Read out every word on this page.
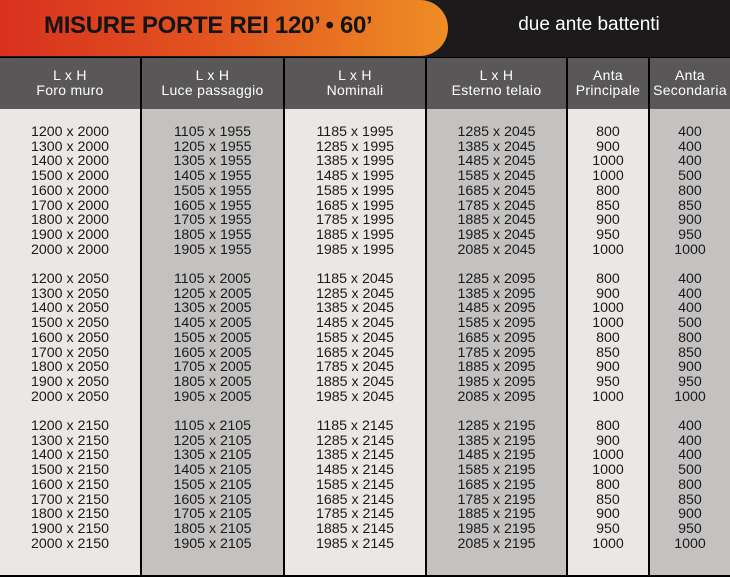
MISURE PORTE REI 120’ • 60’	due ante battenti
L x H
Foro muro
1200 x 2000
1300 x 2000
1400 x 2000
1500 x 2000
1600 x 2000
1700 x 2000
1800 x 2000
1900 x 2000
2000 x 2000
1200 x 2050
1300 x 2050
1400 x 2050
1500 x 2050
1600 x 2050
1700 x 2050
1800 x 2050
1900 x 2050
2000 x 2050
1200 x 2150
1300 x 2150
1400 x 2150
1500 x 2150
1600 x 2150
1700 x 2150
1800 x 2150
1900 x 2150
2000 x 2150
L x H
Luce passaggio
1105 x 1955
1205 x 1955
1305 x 1955
1405 x 1955
1505 x 1955
1605 x 1955
1705 x 1955
1805 x 1955
1905 x 1955
1105 x 2005
1205 x 2005
1305 x 2005
1405 x 2005
1505 x 2005
1605 x 2005
1705 x 2005
1805 x 2005
1905 x 2005
1105 x 2105
1205 x 2105
1305 x 2105
1405 x 2105
1505 x 2105
1605 x 2105
1705 x 2105
1805 x 2105
1905 x 2105
L x H
Nominali
1185 x 1995
1285 x 1995
1385 x 1995
1485 x 1995
1585 x 1995
1685 x 1995
1785 x 1995
1885 x 1995
1985 x 1995
1185 x 2045
1285 x 2045
1385 x 2045
1485 x 2045
1585 x 2045
1685 x 2045
1785 x 2045
1885 x 2045
1985 x 2045
1185 x 2145
1285 x 2145
1385 x 2145
1485 x 2145
1585 x 2145
1685 x 2145
1785 x 2145
1885 x 2145
1985 x 2145
L x H
Esterno telaio
1285 x 2045
1385 x 2045
1485 x 2045
1585 x 2045
1685 x 2045
1785 x 2045
1885 x 2045
1985 x 2045
2085 x 2045
1285 x 2095
1385 x 2095
1485 x 2095
1585 x 2095
1685 x 2095
1785 x 2095
1885 x 2095
1985 x 2095
2085 x 2095
1285 x 2195
1385 x 2195
1485 x 2195
1585 x 2195
1685 x 2195
1785 x 2195
1885 x 2195
1985 x 2195
2085 x 2195
Anta
Principale
800
900
1000
1000
800
850
900
950
1000
800
900
1000
1000
800
850
900
950
1000
800
900
1000
1000
800
850
900
950
1000
Anta
Secondaria
400
400
400
500
800
850
900
950
1000
400
400
400
500
800
850
900
950
1000
400
400
400
500
800
850
900
950
1000
